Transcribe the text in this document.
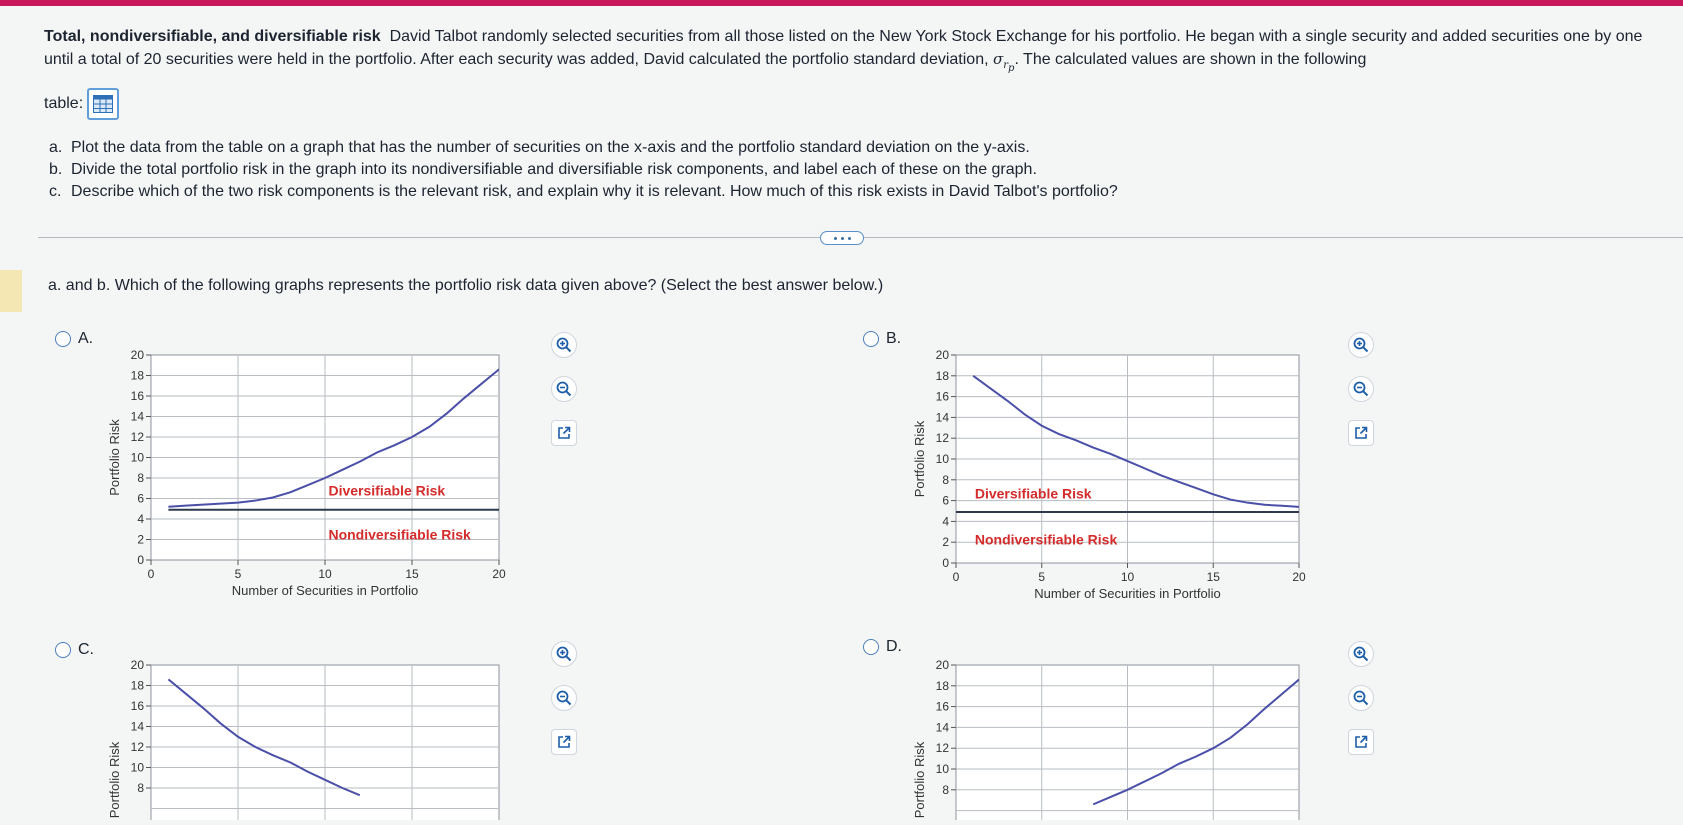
Total, nondiversifiable, and diversifiable risk David Talbot randomly selected securities from all those listed on the New York Stock Exchange for his portfolio. He began with a single security and added securities one by one until a total of 20 securities were held in the portfolio. After each security was added, David calculated the portfolio standard deviation, $\sigma_{r_p}$. The calculated values are shown in the following
table:
a. Plot the data from the table on a graph that has the number of securities on the x-axis and the portfolio standard deviation on the y-axis.
b. Divide the total portfolio risk in the graph into its nondiversifiable and diversifiable risk components, and label each of these on the graph.
c. Describe which of the two risk components is the relevant risk, and explain why it is relevant. How much of this risk exists in David Talbot's portfolio?
a. and b. Which of the following graphs represents the portfolio risk data given above? (Select the best answer below.)
A.	B.
C.	D.
0
2
4
6
8
10
12
14
16
18
20
0	5	10	15	20
Portfolio Risk
Number of Securities in Portfolio
Diversifiable Risk
Nondiversifiable Risk
0
2
4
6
8
10
12
14
16
18
20
0	5	10	15	20
Portfolio Risk
Number of Securities in Portfolio
Diversifiable Risk
Nondiversifiable Risk
8
10
12
14
16
18
20
Portfolio Risk	8
10
12
14
16
18
20
Portfolio Risk
